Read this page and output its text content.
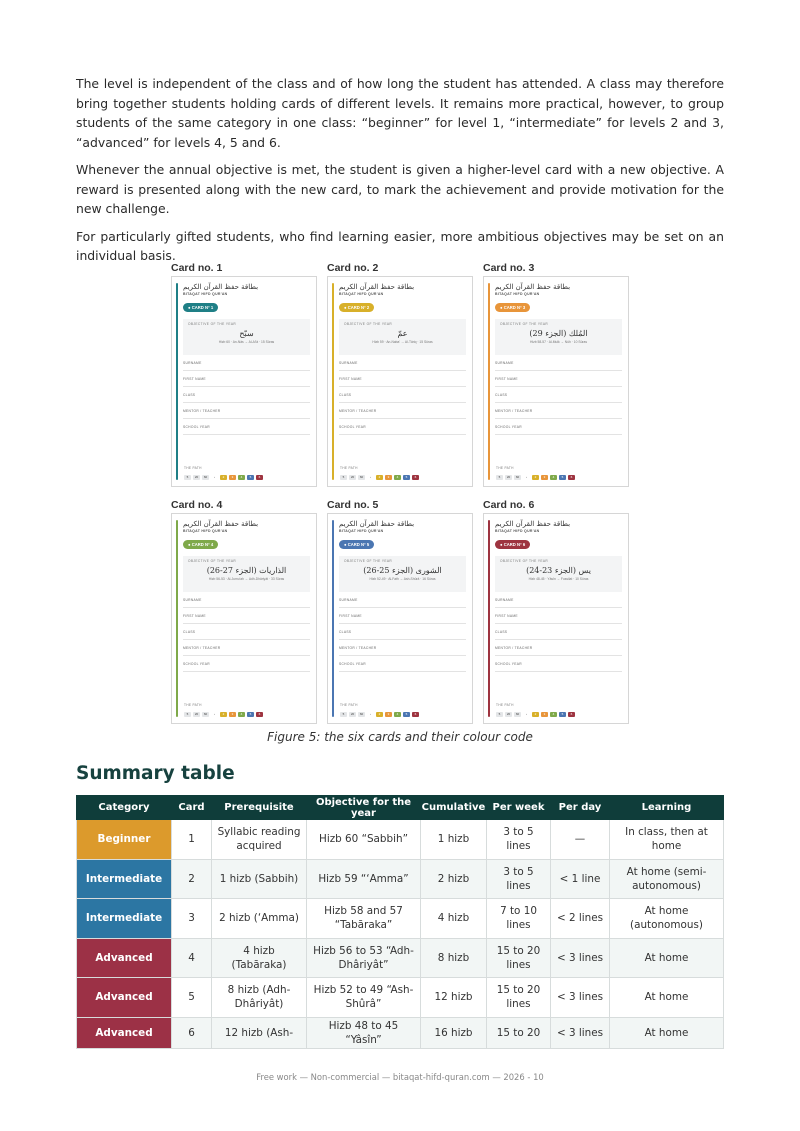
The level is independent of the class and of how long the student has attended. A class may therefore bring together students holding cards of different levels. It remains more practical, however, to group students of the same category in one class: “beginner” for level 1, “intermediate” for levels 2 and 3, “advanced” for levels 4, 5 and 6.

Whenever the annual objective is met, the student is given a higher-level card with a new objective. A reward is presented along with the new card, to mark the achievement and provide motivation for the new challenge.

For particularly gifted students, who find learning easier, more ambitious objectives may be set on an individual basis.

Card no. 1
بطاقة حفظ القرآن الكريم
BITAQAT HIFD QUR'AN
● CARD N° 1
OBJECTIVE OF THE YEAR
سبّح
Hizb 60 · An-Nâs → Al-A'lâ · 15 Sûras
SURNAME
FIRST NAME
CLASS
MENTOR / TEACHER
SCHOOL YEAR
THE PATH
5	20	60	›	2	3	4	5	6
Card no. 2
بطاقة حفظ القرآن الكريم
BITAQAT HIFD QUR'AN
● CARD N° 2
OBJECTIVE OF THE YEAR
عمّ
Hizb 59 · An-Naba' → Al-Târiq · 15 Sûras
SURNAME
FIRST NAME
CLASS
MENTOR / TEACHER
SCHOOL YEAR
THE PATH
5	20	60	›	2	3	4	5	6
Card no. 3
بطاقة حفظ القرآن الكريم
BITAQAT HIFD QUR'AN
● CARD N° 3
OBJECTIVE OF THE YEAR
المُلك (الجزء 29)
Hizb 58-57 · Al-Mulk → Nûh · 10 Sûras
SURNAME
FIRST NAME
CLASS
MENTOR / TEACHER
SCHOOL YEAR
THE PATH
5	20	60	›	2	3	4	5	6
Card no. 4
بطاقة حفظ القرآن الكريم
BITAQAT HIFD QUR'AN
● CARD N° 4
OBJECTIVE OF THE YEAR
الذاريات (الجزء 27-26)
Hizb 56-53 · Al-Jumu'ah → Adh-Dhâriyât · 33 Sûras
SURNAME
FIRST NAME
CLASS
MENTOR / TEACHER
SCHOOL YEAR
THE PATH
5	20	60	›	2	3	4	5	6
Card no. 5
بطاقة حفظ القرآن الكريم
BITAQAT HIFD QUR'AN
● CARD N° 5
OBJECTIVE OF THE YEAR
الشورى (الجزء 25-26)
Hizb 52-49 · Al-Fath → Ash-Shûrâ · 16 Sûras
SURNAME
FIRST NAME
CLASS
MENTOR / TEACHER
SCHOOL YEAR
THE PATH
5	20	60	›	2	3	4	5	6
Card no. 6
بطاقة حفظ القرآن الكريم
BITAQAT HIFD QUR'AN
● CARD N° 6
OBJECTIVE OF THE YEAR
يس (الجزء 23-24)
Hizb 48-45 · Yâsîn → Fussilat · 10 Sûras
SURNAME
FIRST NAME
CLASS
MENTOR / TEACHER
SCHOOL YEAR
THE PATH
5	20	60	›	2	3	4	5	6
Figure 5: the six cards and their colour code
Summary table
Category	Card	Prerequisite	Objective for the year	Cumulative	Per week	Per day	Learning
Beginner	1	Syllabic reading acquired	Hizb 60 “Sabbih”	1 hizb	3 to 5 lines	—	In class, then at home
Intermediate	2	1 hizb (Sabbih)	Hizb 59 “‘Amma”	2 hizb	3 to 5 lines	< 1 line	At home (semi-autonomous)
Intermediate	3	2 hizb (‘Amma)	Hizb 58 and 57 “Tabāraka”	4 hizb	7 to 10 lines	< 2 lines	At home (autonomous)
Advanced	4	4 hizb (Tabāraka)	Hizb 56 to 53 “Adh-Dhâriyât”	8 hizb	15 to 20 lines	< 3 lines	At home
Advanced	5	8 hizb (Adh-Dhâriyât)	Hizb 52 to 49 “Ash-Shûrâ”	12 hizb	15 to 20 lines	< 3 lines	At home
Advanced	6	12 hizb (Ash-	Hizb 48 to 45 “Yâsîn”	16 hizb	15 to 20	< 3 lines	At home
Free work — Non-commercial — bitaqat-hifd-quran.com — 2026 - 10
